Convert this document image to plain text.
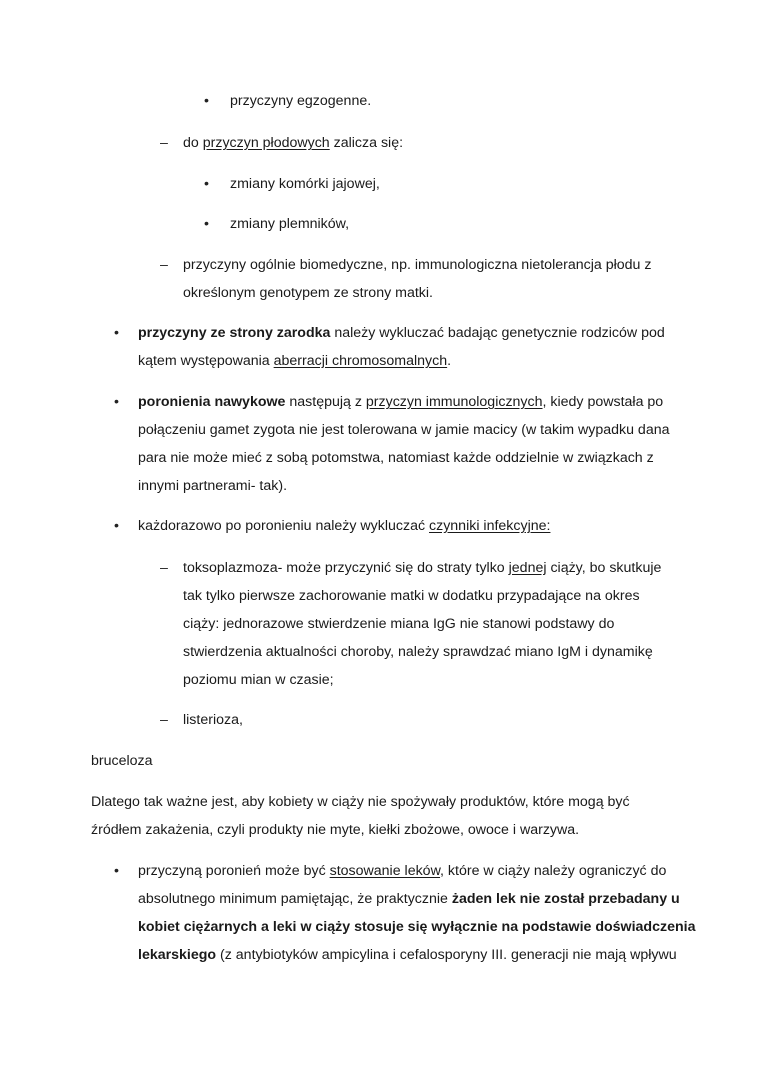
• przyczyny egzogenne.
– do przyczyn płodowych zalicza się:
• zmiany komórki jajowej,
• zmiany plemników,
– przyczyny ogólnie biomedyczne, np. immunologiczna nietolerancja płodu z
określonym genotypem ze strony matki.
• przyczyny ze strony zarodka należy wykluczać badając genetycznie rodziców pod
kątem występowania aberracji chromosomalnych.
• poronienia nawykowe następują z przyczyn immunologicznych, kiedy powstała po
połączeniu gamet zygota nie jest tolerowana w jamie macicy (w takim wypadku dana
para nie może mieć z sobą potomstwa, natomiast każde oddzielnie w związkach z
innymi partnerami- tak).
• każdorazowo po poronieniu należy wykluczać czynniki infekcyjne:
– toksoplazmoza- może przyczynić się do straty tylko jednej ciąży, bo skutkuje
tak tylko pierwsze zachorowanie matki w dodatku przypadające na okres
ciąży: jednorazowe stwierdzenie miana IgG nie stanowi podstawy do
stwierdzenia aktualności choroby, należy sprawdzać miano IgM i dynamikę
poziomu mian w czasie;
– listerioza,
bruceloza
Dlatego tak ważne jest, aby kobiety w ciąży nie spożywały produktów, które mogą być
źródłem zakażenia, czyli produkty nie myte, kiełki zbożowe, owoce i warzywa.
• przyczyną poronień może być stosowanie leków, które w ciąży należy ograniczyć do
absolutnego minimum pamiętając, że praktycznie żaden lek nie został przebadany u
kobiet ciężarnych a leki w ciąży stosuje się wyłącznie na podstawie doświadczenia
lekarskiego (z antybiotyków ampicylina i cefalosporyny III. generacji nie mają wpływu
